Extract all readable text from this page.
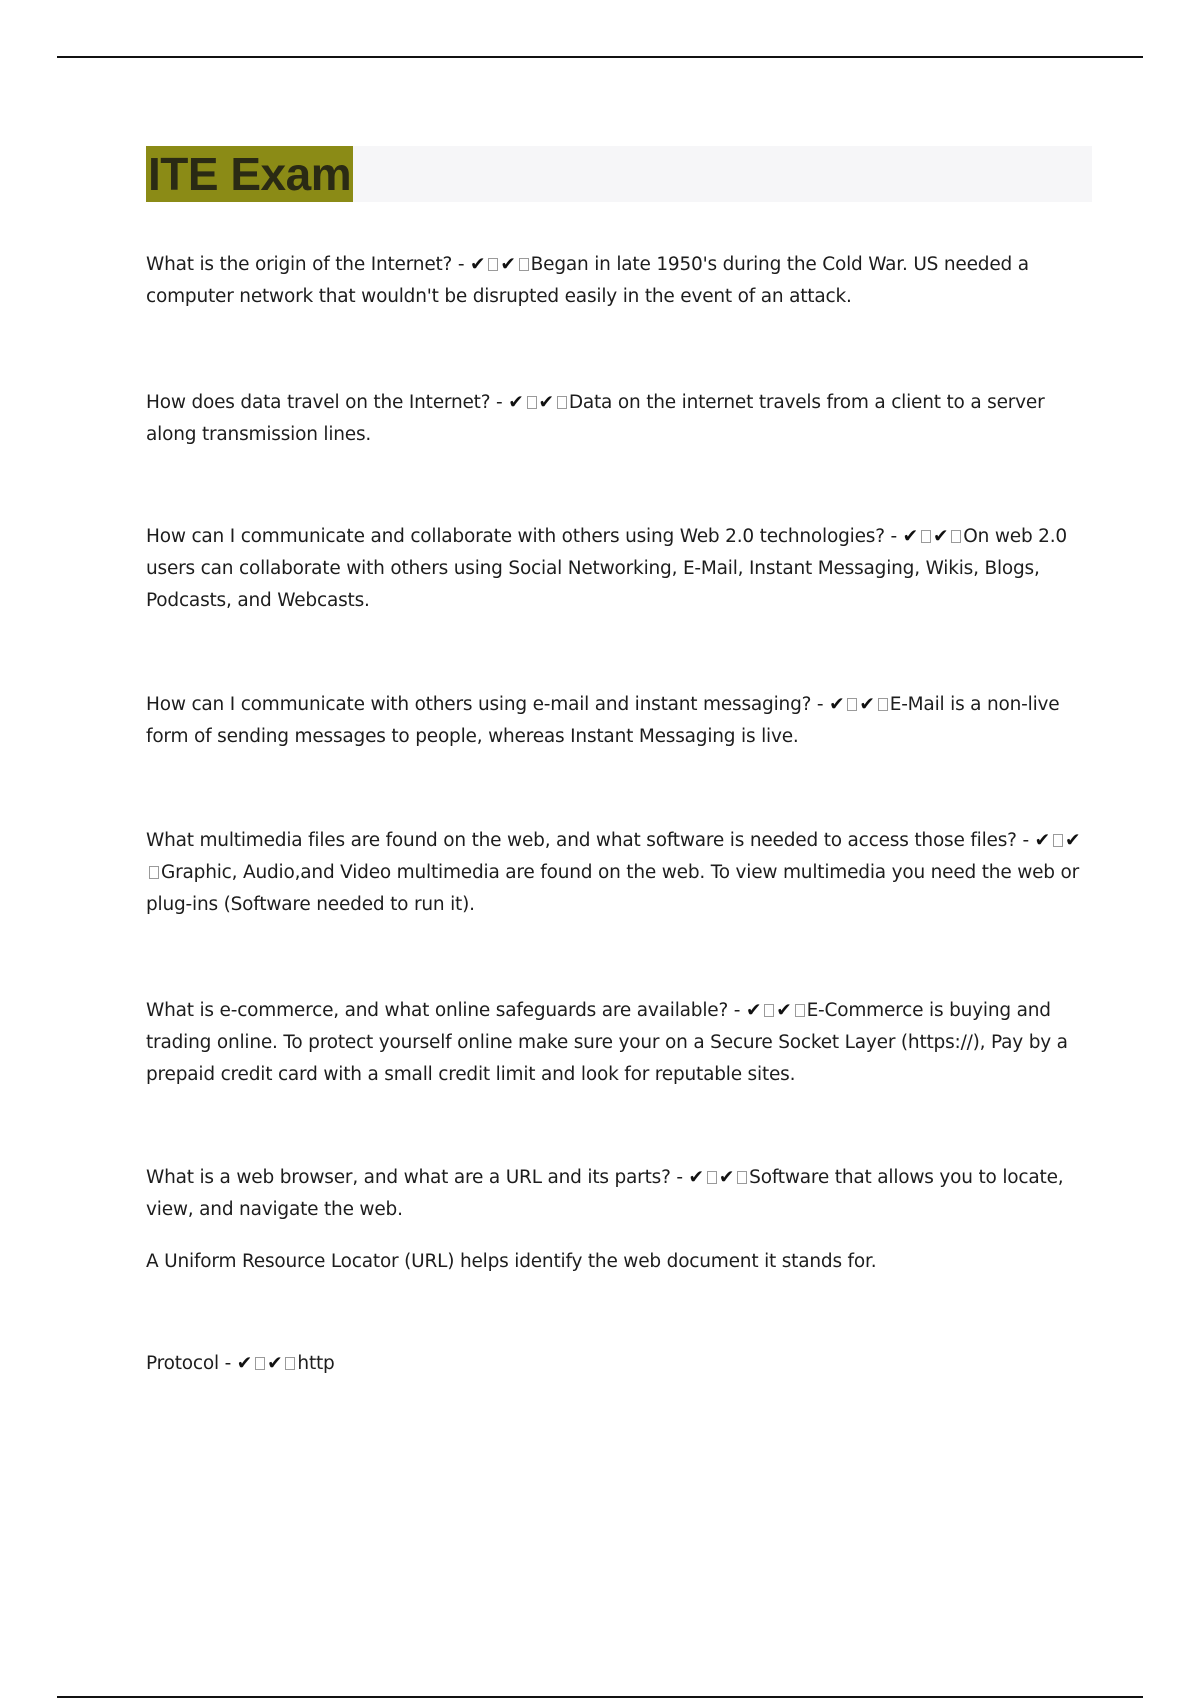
ITE Exam

What is the origin of the Internet? - ✔ ✔ Began in late 1950's during the Cold War. US needed a computer network that wouldn't be disrupted easily in the event of an attack.

How does data travel on the Internet? - ✔ ✔ Data on the internet travels from a client to a server along transmission lines.

How can I communicate and collaborate with others using Web 2.0 technologies? - ✔ ✔ On web 2.0 users can collaborate with others using Social Networking, E-Mail, Instant Messaging, Wikis, Blogs, Podcasts, and Webcasts.

How can I communicate with others using e-mail and instant messaging? - ✔ ✔ E-Mail is a non-live form of sending messages to people, whereas Instant Messaging is live.

What multimedia files are found on the web, and what software is needed to access those files? - ✔ ✔Graphic, Audio,and Video multimedia are found on the web. To view multimedia you need the web or plug-ins (Software needed to run it).

What is e-commerce, and what online safeguards are available? - ✔ ✔ E-Commerce is buying and trading online. To protect yourself online make sure your on a Secure Socket Layer (https://), Pay by a prepaid credit card with a small credit limit and look for reputable sites.

What is a web browser, and what are a URL and its parts? - ✔ ✔ Software that allows you to locate, view, and navigate the web.

A Uniform Resource Locator (URL) helps identify the web document it stands for.

Protocol - ✔ ✔ http
